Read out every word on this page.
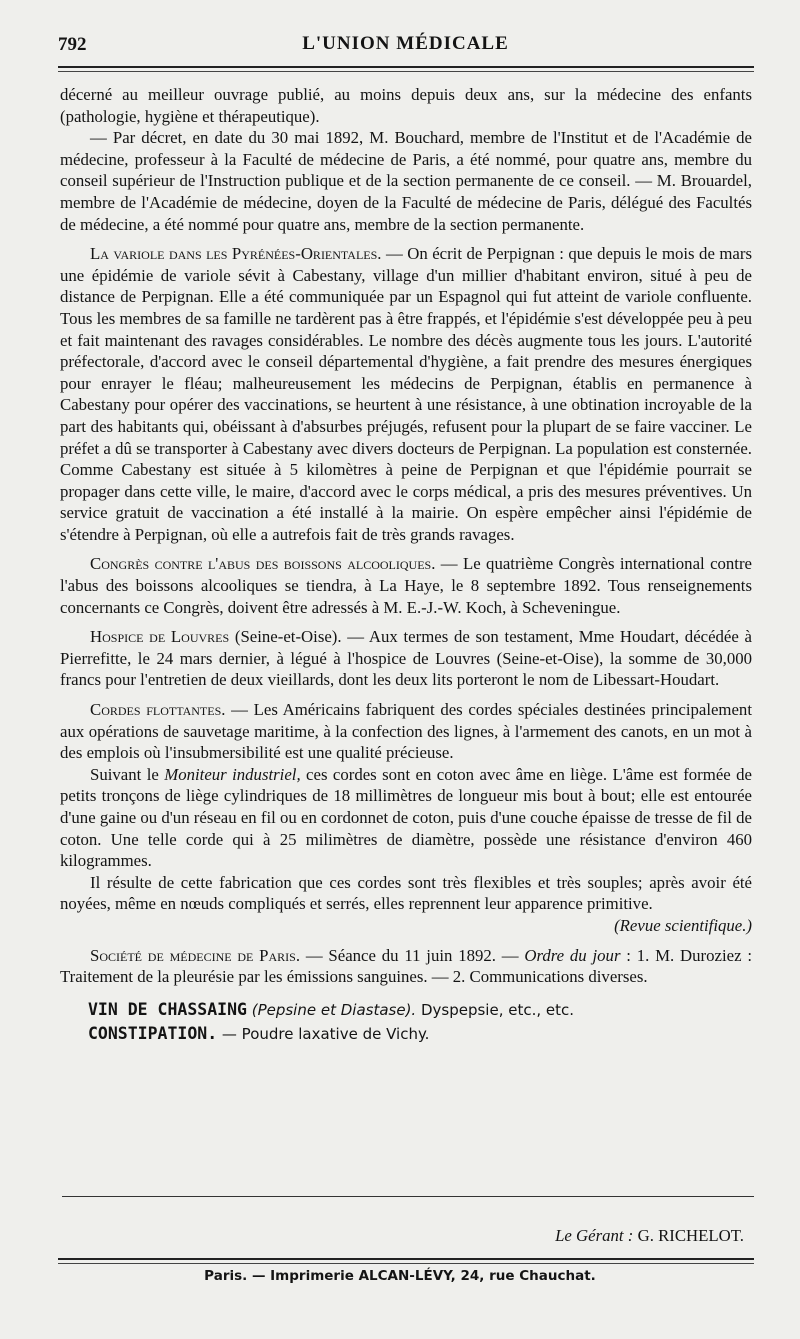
792	L'UNION MÉDICALE

décerné au meilleur ouvrage publié, au moins depuis deux ans, sur la médecine des enfants (pathologie, hygiène et thérapeutique).

— Par décret, en date du 30 mai 1892, M. Bouchard, membre de l'Institut et de l'Académie de médecine, professeur à la Faculté de médecine de Paris, a été nommé, pour quatre ans, membre du conseil supérieur de l'Instruction publique et de la section permanente de ce conseil. — M. Brouardel, membre de l'Académie de médecine, doyen de la Faculté de médecine de Paris, délégué des Facultés de médecine, a été nommé pour quatre ans, membre de la section permanente.

La variole dans les Pyrénées-Orientales. — On écrit de Perpignan : que depuis le mois de mars une épidémie de variole sévit à Cabestany, village d'un millier d'habitant environ, situé à peu de distance de Perpignan. Elle a été communiquée par un Espagnol qui fut atteint de variole confluente. Tous les membres de sa famille ne tardèrent pas à être frappés, et l'épidémie s'est développée peu à peu et fait maintenant des ravages considérables. Le nombre des décès augmente tous les jours. L'autorité préfectorale, d'accord avec le conseil départemental d'hygiène, a fait prendre des mesures énergiques pour enrayer le fléau; malheureusement les médecins de Perpignan, établis en permanence à Cabestany pour opérer des vaccinations, se heurtent à une résistance, à une obtination incroyable de la part des habitants qui, obéissant à d'absurbes préjugés, refusent pour la plupart de se faire vacciner. Le préfet a dû se transporter à Cabestany avec divers docteurs de Perpignan. La population est consternée. Comme Cabestany est située à 5 kilomètres à peine de Perpignan et que l'épidémie pourrait se propager dans cette ville, le maire, d'accord avec le corps médical, a pris des mesures préventives. Un service gratuit de vaccination a été installé à la mairie. On espère empêcher ainsi l'épidémie de s'étendre à Perpignan, où elle a autrefois fait de très grands ravages.

Congrès contre l'abus des boissons alcooliques. — Le quatrième Congrès international contre l'abus des boissons alcooliques se tiendra, à La Haye, le 8 septembre 1892. Tous renseignements concernants ce Congrès, doivent être adressés à M. E.-J.-W. Koch, à Scheveningue.

Hospice de Louvres (Seine-et-Oise). — Aux termes de son testament, Mme Houdart, décédée à Pierrefitte, le 24 mars dernier, à légué à l'hospice de Louvres (Seine-et-Oise), la somme de 30,000 francs pour l'entretien de deux vieillards, dont les deux lits porteront le nom de Libessart-Houdart.

Cordes flottantes. — Les Américains fabriquent des cordes spéciales destinées principalement aux opérations de sauvetage maritime, à la confection des lignes, à l'armement des canots, en un mot à des emplois où l'insubmersibilité est une qualité précieuse.

Suivant le Moniteur industriel, ces cordes sont en coton avec âme en liège. L'âme est formée de petits tronçons de liège cylindriques de 18 millimètres de longueur mis bout à bout; elle est entourée d'une gaine ou d'un réseau en fil ou en cordonnet de coton, puis d'une couche épaisse de tresse de fil de coton. Une telle corde qui à 25 milimètres de diamètre, possède une résistance d'environ 460 kilogrammes.

Il résulte de cette fabrication que ces cordes sont très flexibles et très souples; après avoir été noyées, même en nœuds compliqués et serrés, elles reprennent leur apparence primitive.
(Revue scientifique.)

Société de médecine de Paris. — Séance du 11 juin 1892. — Ordre du jour : 1. M. Duroziez : Traitement de la pleurésie par les émissions sanguines. — 2. Communications diverses.

VIN DE CHASSAING (Pepsine et Diastase). Dyspepsie, etc., etc.

CONSTIPATION. — Poudre laxative de Vichy.

Le Gérant : G. RICHELOT.
Paris. — Imprimerie ALCAN-LÉVY, 24, rue Chauchat.
